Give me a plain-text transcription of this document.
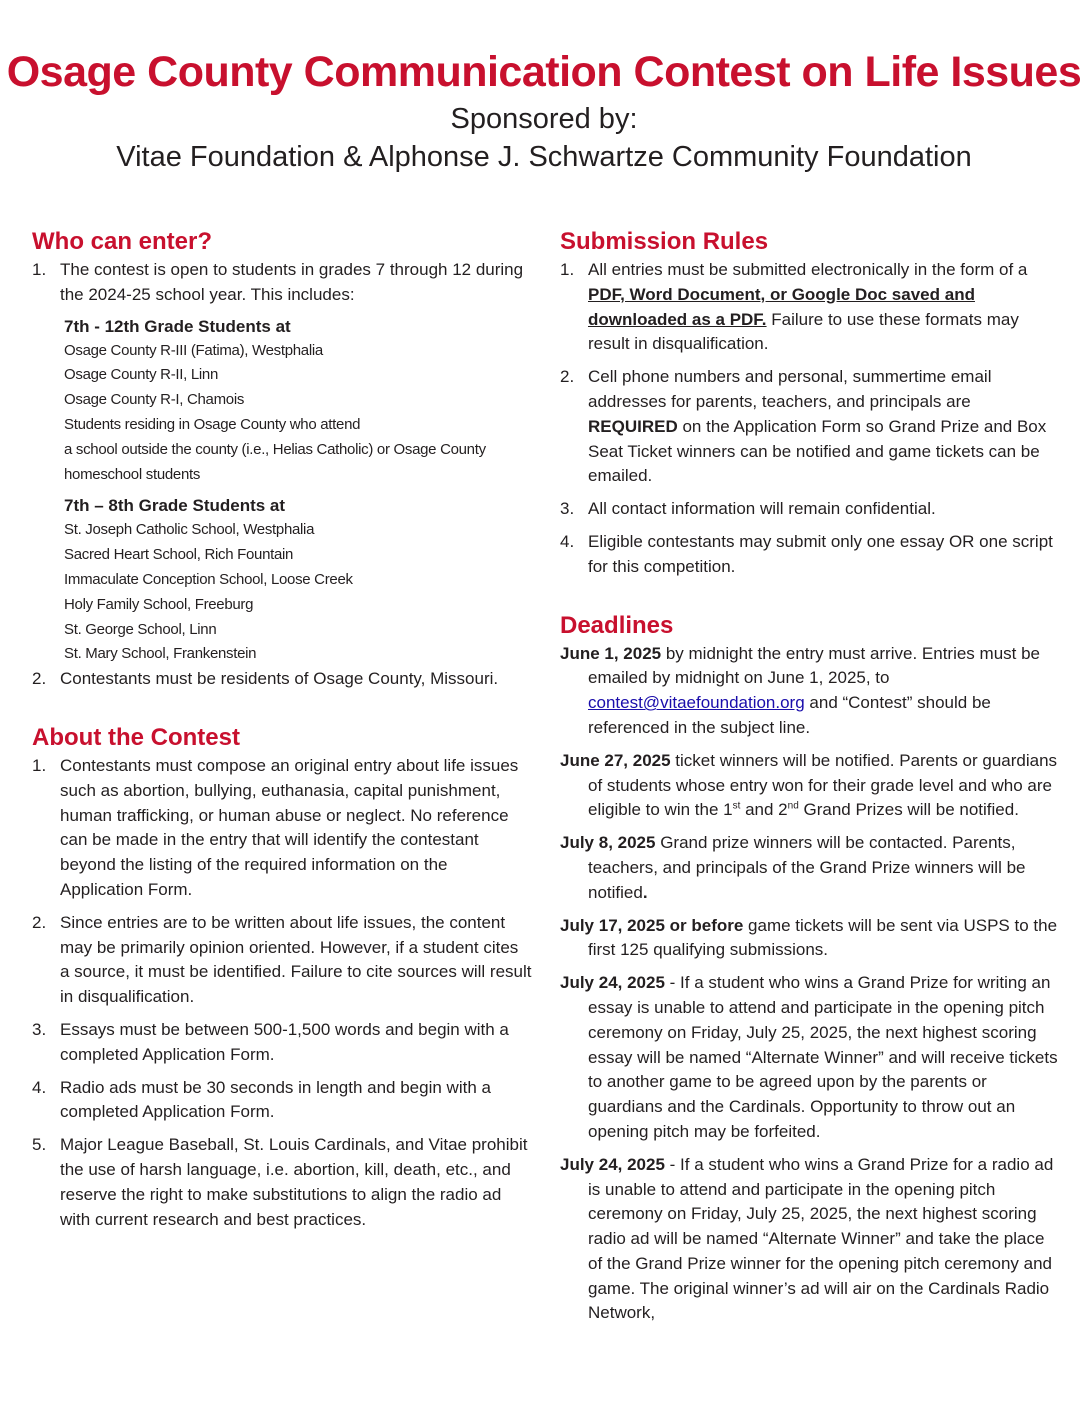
Osage County Communication Contest on Life Issues
Sponsored by:
Vitae Foundation & Alphonse J. Schwartze Community Foundation
Who can enter?
1. The contest is open to students in grades 7 through 12 during the 2024-25 school year. This includes:
7th - 12th Grade Students at
Osage County R-III (Fatima), Westphalia
Osage County R-II, Linn
Osage County R-I, Chamois
Students residing in Osage County who attend
a school outside the county (i.e., Helias Catholic) or Osage County
homeschool students
7th – 8th Grade Students at
St. Joseph Catholic School, Westphalia
Sacred Heart School, Rich Fountain
Immaculate Conception School, Loose Creek
Holy Family School, Freeburg
St. George School, Linn
St. Mary School, Frankenstein
2. Contestants must be residents of Osage County, Missouri.
About the Contest
1. Contestants must compose an original entry about life issues such as abortion, bullying, euthanasia, capital punishment, human trafficking, or human abuse or neglect. No reference can be made in the entry that will identify the contestant beyond the listing of the required information on the Application Form.
2. Since entries are to be written about life issues, the content may be primarily opinion oriented. However, if a student cites a source, it must be identified. Failure to cite sources will result in disqualification.
3. Essays must be between 500-1,500 words and begin with a completed Application Form.
4. Radio ads must be 30 seconds in length and begin with a completed Application Form.
5. Major League Baseball, St. Louis Cardinals, and Vitae prohibit the use of harsh language, i.e. abortion, kill, death, etc., and reserve the right to make substitutions to align the radio ad with current research and best practices.
Submission Rules
1. All entries must be submitted electronically in the form of a PDF, Word Document, or Google Doc saved and downloaded as a PDF. Failure to use these formats may result in disqualification.
2. Cell phone numbers and personal, summertime email addresses for parents, teachers, and principals are REQUIRED on the Application Form so Grand Prize and Box Seat Ticket winners can be notified and game tickets can be emailed.
3. All contact information will remain confidential.
4. Eligible contestants may submit only one essay OR one script for this competition.
Deadlines
June 1, 2025 by midnight the entry must arrive. Entries must be emailed by midnight on June 1, 2025, to contest@vitaefoundation.org and “Contest” should be referenced in the subject line.
June 27, 2025 ticket winners will be notified. Parents or guardians of students whose entry won for their grade level and who are eligible to win the 1st and 2nd Grand Prizes will be notified.
July 8, 2025 Grand prize winners will be contacted. Parents, teachers, and principals of the Grand Prize winners will be notified.
July 17, 2025 or before game tickets will be sent via USPS to the first 125 qualifying submissions.
July 24, 2025 - If a student who wins a Grand Prize for writing an essay is unable to attend and participate in the opening pitch ceremony on Friday, July 25, 2025, the next highest scoring essay will be named “Alternate Winner” and will receive tickets to another game to be agreed upon by the parents or guardians and the Cardinals. Opportunity to throw out an opening pitch may be forfeited.
July 24, 2025 - If a student who wins a Grand Prize for a radio ad is unable to attend and participate in the opening pitch ceremony on Friday, July 25, 2025, the next highest scoring radio ad will be named “Alternate Winner” and take the place of the Grand Prize winner for the opening pitch ceremony and game. The original winner’s ad will air on the Cardinals Radio Network,
